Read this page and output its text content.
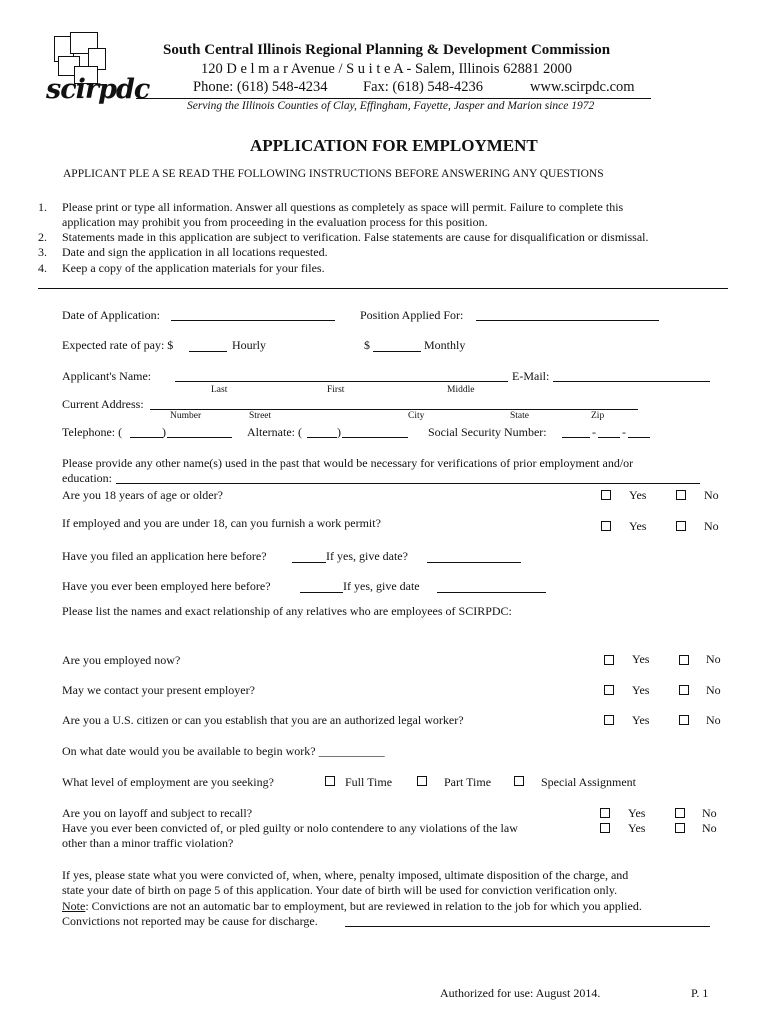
scirpdc
South Central Illinois Regional Planning & Development Commission
120 D e l m a r Avenue / S u i t e A - Salem, Illinois 62881 2000
Phone: (618) 548-4234 Fax: (618) 548-4236	www.scirpdc.com
Serving the Illinois Counties of Clay, Effingham, Fayette, Jasper and Marion since 1972
APPLICATION FOR EMPLOYMENT
APPLICANT PLE A SE READ THE FOLLOWING INSTRUCTIONS BEFORE ANSWERING ANY QUESTIONS
1. Please print or type all information. Answer all questions as completely as space will permit. Failure to complete this
application may prohibit you from proceeding in the evaluation process for this position.
2. Statements made in this application are subject to verification. False statements are cause for disqualification or dismissal.
3. Date and sign the application in all locations requested.
4. Keep a copy of the application materials for your files.
Date of Application:	Position Applied For:
Expected rate of pay: $	Hourly	$	Monthly
Applicant's Name:	E-Mail:
Last	First	Middle
Current Address:
Number	Street	City	State	Zip
Telephone: (	)	Alternate: (	)	Social Security Number:	- -
Please provide any other name(s) used in the past that would be necessary for verifications of prior employment and/or
education:
Are you 18 years of age or older?	Yes	No
If employed and you are under 18, can you furnish a work permit?	Yes	No
Have you filed an application here before?	If yes, give date?
Have you ever been employed here before?	If yes, give date
Please list the names and exact relationship of any relatives who are employees of SCIRPDC:
Are you employed now?	Yes	No
May we contact your present employer?	Yes	No
Are you a U.S. citizen or can you establish that you are an authorized legal worker?	Yes	No
On what date would you be available to begin work? ___________
What level of employment are you seeking?	Full Time	Part Time	Special Assignment
Are you on layoff and subject to recall?	Yes	No
Have you ever been convicted of, or pled guilty or nolo contendere to any violations of the law
other than a minor traffic violation?
Yes	No
If yes, please state what you were convicted of, when, where, penalty imposed, ultimate disposition of the charge, and
state your date of birth on page 5 of this application. Your date of birth will be used for conviction verification only.
Note: Convictions are not an automatic bar to employment, but are reviewed in relation to the job for which you applied.
Convictions not reported may be cause for discharge.
Authorized for use: August 2014.	P. 1
